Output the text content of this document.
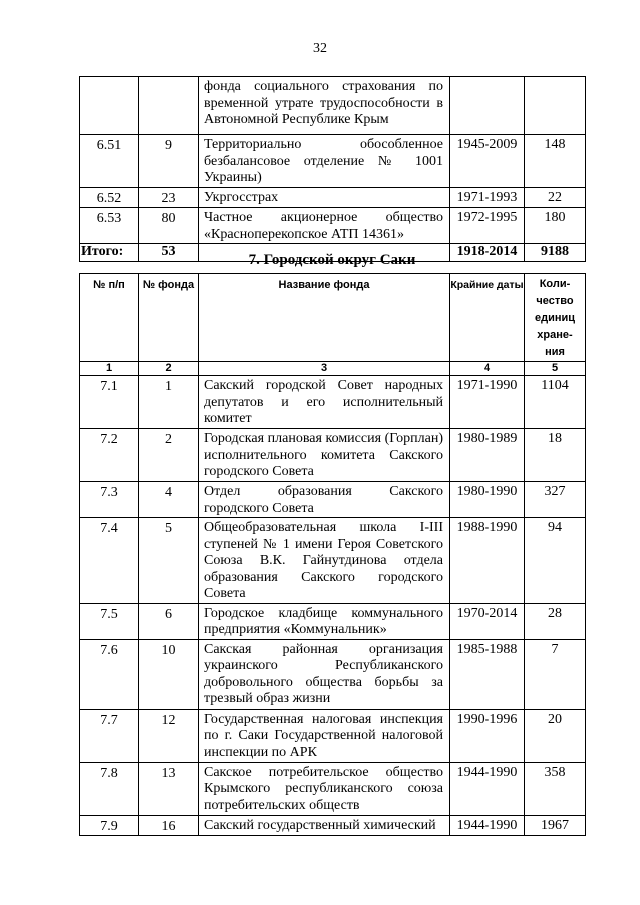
32
		фонда социального страхования по временной утрате трудоспособности в Автономной Республике Крым		
6.51	9	Территориально обособленное безбалансовое отделение № 1001 Украины)	1945-2009	148
6.52	23	Укргосстрах	1971-1993	22
6.53	80	Частное акционерное общество «Красноперекопское АТП 14361»	1972-1995	180
Итого:	53		1918-2014	9188
7. Городской округ Саки
№ п/п	№ фонда	Название фонда	Крайние даты	Коли-чество единиц хране-ния
1	2	3	4	5
7.1	1	Сакский городской Совет народных депутатов и его исполнительный комитет	1971-1990	1104
7.2	2	Городская плановая комиссия (Горплан) исполнительного комитета Сакского городского Совета	1980-1989	18
7.3	4	Отдел образования Сакского городского Совета	1980-1990	327
7.4	5	Общеобразовательная школа I-III ступеней № 1 имени Героя Советского Союза В.К. Гайнутдинова отдела образования Сакского городского Совета	1988-1990	94
7.5	6	Городское кладбище коммунального предприятия «Коммунальник»	1970-2014	28
7.6	10	Сакская районная организация украинского Республиканского добровольного общества борьбы за трезвый образ жизни	1985-1988	7
7.7	12	Государственная налоговая инспекция по г. Саки Государственной налоговой инспекции по АРК	1990-1996	20
7.8	13	Сакское потребительское общество Крымского республиканского союза потребительских обществ	1944-1990	358
7.9	16	Сакский государственный химический	1944-1990	1967
